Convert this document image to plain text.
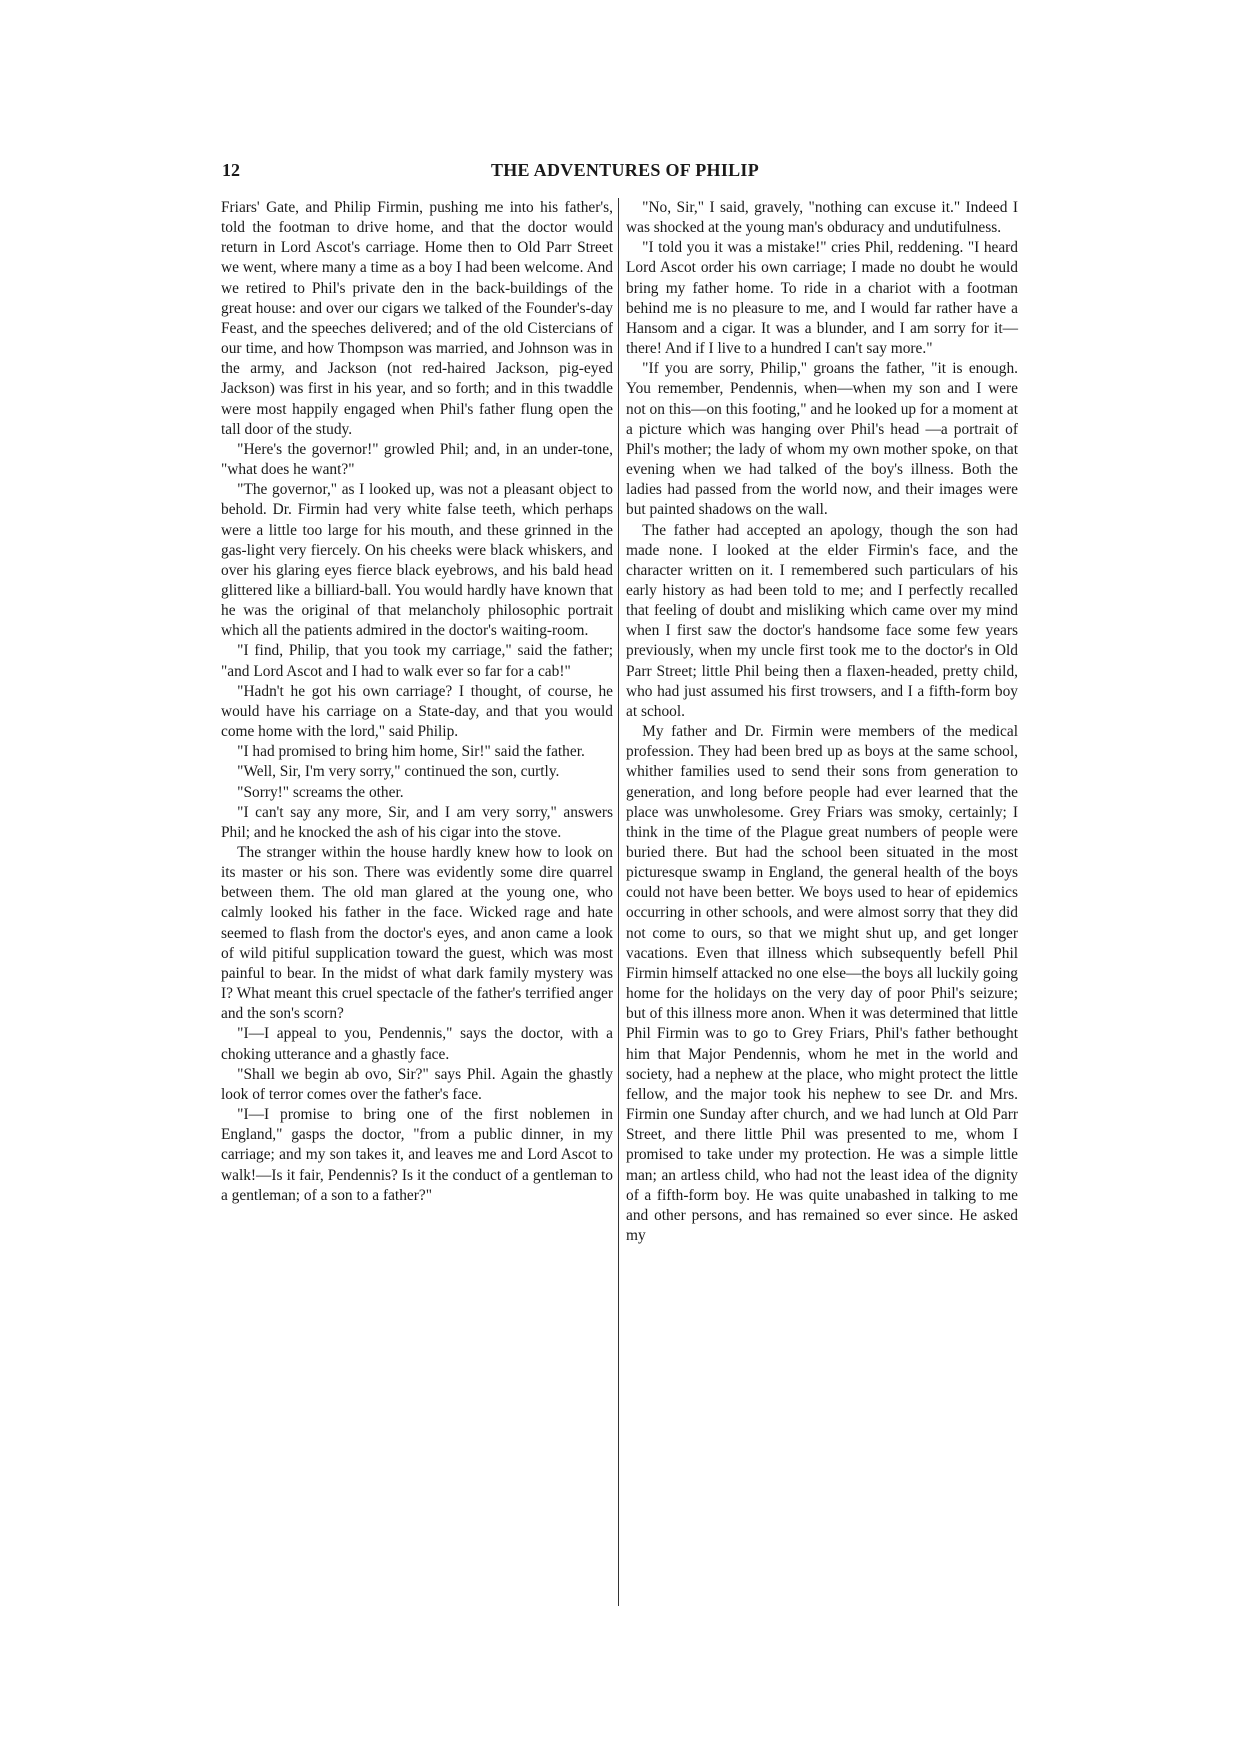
12	THE ADVENTURES OF PHILIP

Friars' Gate, and Philip Firmin, pushing me into his father's, told the footman to drive home, and that the doctor would return in Lord Ascot's carriage. Home then to Old Parr Street we went, where many a time as a boy I had been welcome. And we retired to Phil's private den in the back-buildings of the great house: and over our cigars we talked of the Founder's-day Feast, and the speeches delivered; and of the old Cistercians of our time, and how Thompson was married, and Johnson was in the army, and Jackson (not red-haired Jackson, pig-eyed Jackson) was first in his year, and so forth; and in this twaddle were most happily engaged when Phil's father flung open the tall door of the study.

"Here's the governor!" growled Phil; and, in an under-tone, "what does he want?"

"The governor," as I looked up, was not a pleasant object to behold. Dr. Firmin had very white false teeth, which perhaps were a little too large for his mouth, and these grinned in the gas-light very fiercely. On his cheeks were black whiskers, and over his glaring eyes fierce black eyebrows, and his bald head glittered like a billiard-ball. You would hardly have known that he was the original of that melancholy philosophic portrait which all the patients admired in the doctor's waiting-room.

"I find, Philip, that you took my carriage," said the father; "and Lord Ascot and I had to walk ever so far for a cab!"

"Hadn't he got his own carriage? I thought, of course, he would have his carriage on a State-day, and that you would come home with the lord," said Philip.

"I had promised to bring him home, Sir!" said the father.

"Well, Sir, I'm very sorry," continued the son, curtly.

"Sorry!" screams the other.

"I can't say any more, Sir, and I am very sorry," answers Phil; and he knocked the ash of his cigar into the stove.

The stranger within the house hardly knew how to look on its master or his son. There was evidently some dire quarrel between them. The old man glared at the young one, who calmly looked his father in the face. Wicked rage and hate seemed to flash from the doctor's eyes, and anon came a look of wild pitiful supplication toward the guest, which was most painful to bear. In the midst of what dark family mystery was I? What meant this cruel spectacle of the father's terrified anger and the son's scorn?

"I—I appeal to you, Pendennis," says the doctor, with a choking utterance and a ghastly face.

"Shall we begin ab ovo, Sir?" says Phil. Again the ghastly look of terror comes over the father's face.

"I—I promise to bring one of the first noblemen in England," gasps the doctor, "from a public dinner, in my carriage; and my son takes it, and leaves me and Lord Ascot to walk!—Is it fair, Pendennis? Is it the conduct of a gentleman to a gentleman; of a son to a father?"

"No, Sir," I said, gravely, "nothing can excuse it." Indeed I was shocked at the young man's obduracy and undutifulness.

"I told you it was a mistake!" cries Phil, reddening. "I heard Lord Ascot order his own carriage; I made no doubt he would bring my father home. To ride in a chariot with a footman behind me is no pleasure to me, and I would far rather have a Hansom and a cigar. It was a blunder, and I am sorry for it—there! And if I live to a hundred I can't say more."

"If you are sorry, Philip," groans the father, "it is enough. You remember, Pendennis, when—when my son and I were not on this—on this footing," and he looked up for a moment at a picture which was hanging over Phil's head —a portrait of Phil's mother; the lady of whom my own mother spoke, on that evening when we had talked of the boy's illness. Both the ladies had passed from the world now, and their images were but painted shadows on the wall.

The father had accepted an apology, though the son had made none. I looked at the elder Firmin's face, and the character written on it. I remembered such particulars of his early history as had been told to me; and I perfectly recalled that feeling of doubt and misliking which came over my mind when I first saw the doctor's handsome face some few years previously, when my uncle first took me to the doctor's in Old Parr Street; little Phil being then a flaxen-headed, pretty child, who had just assumed his first trowsers, and I a fifth-form boy at school.

My father and Dr. Firmin were members of the medical profession. They had been bred up as boys at the same school, whither families used to send their sons from generation to generation, and long before people had ever learned that the place was unwholesome. Grey Friars was smoky, certainly; I think in the time of the Plague great numbers of people were buried there. But had the school been situated in the most picturesque swamp in England, the general health of the boys could not have been better. We boys used to hear of epidemics occurring in other schools, and were almost sorry that they did not come to ours, so that we might shut up, and get longer vacations. Even that illness which subsequently befell Phil Firmin himself attacked no one else—the boys all luckily going home for the holidays on the very day of poor Phil's seizure; but of this illness more anon. When it was determined that little Phil Firmin was to go to Grey Friars, Phil's father bethought him that Major Pendennis, whom he met in the world and society, had a nephew at the place, who might protect the little fellow, and the major took his nephew to see Dr. and Mrs. Firmin one Sunday after church, and we had lunch at Old Parr Street, and there little Phil was presented to me, whom I promised to take under my protection. He was a simple little man; an artless child, who had not the least idea of the dignity of a fifth-form boy. He was quite unabashed in talking to me and other persons, and has remained so ever since. He asked my
